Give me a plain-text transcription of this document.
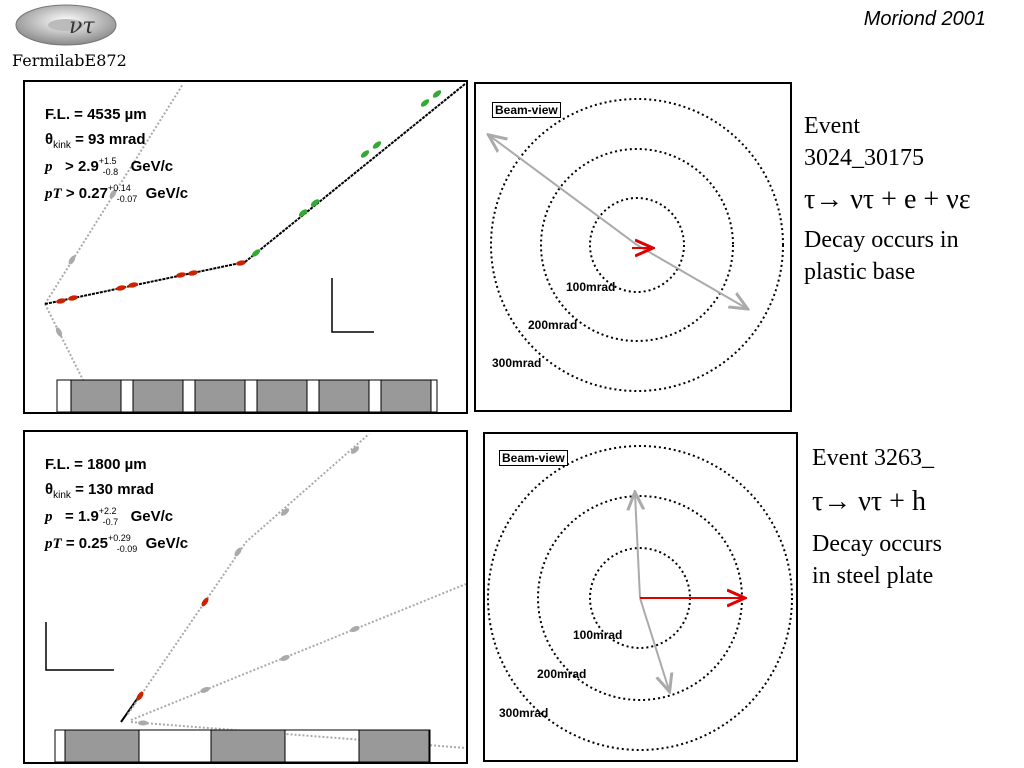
ντ
FermilabE872
Moriond 2001
F.L. = 4535 µm
$\theta_{kink} = 93$ mrad
$p > 2.9^{+1.5}_{-0.8}$ GeV/c
pT > $0.27^{+0.14}_{-0.07}$ GeV/c
Beam-view
100mrad
200mrad
300mrad
Event
3024_30175
τ→ ντ + e + νε
Decay occurs in
plastic base
F.L. = 1800 µm
$\theta_{kink} = 130$ mrad
$p = 1.9^{+2.2}_{-0.7}$ GeV/c
pT = $0.25^{+0.29}_{-0.09}$ GeV/c
Beam-view
100mrad
200mrad
300mrad
Event 3263_
τ→ ντ + h
Decay occurs
in steel plate
